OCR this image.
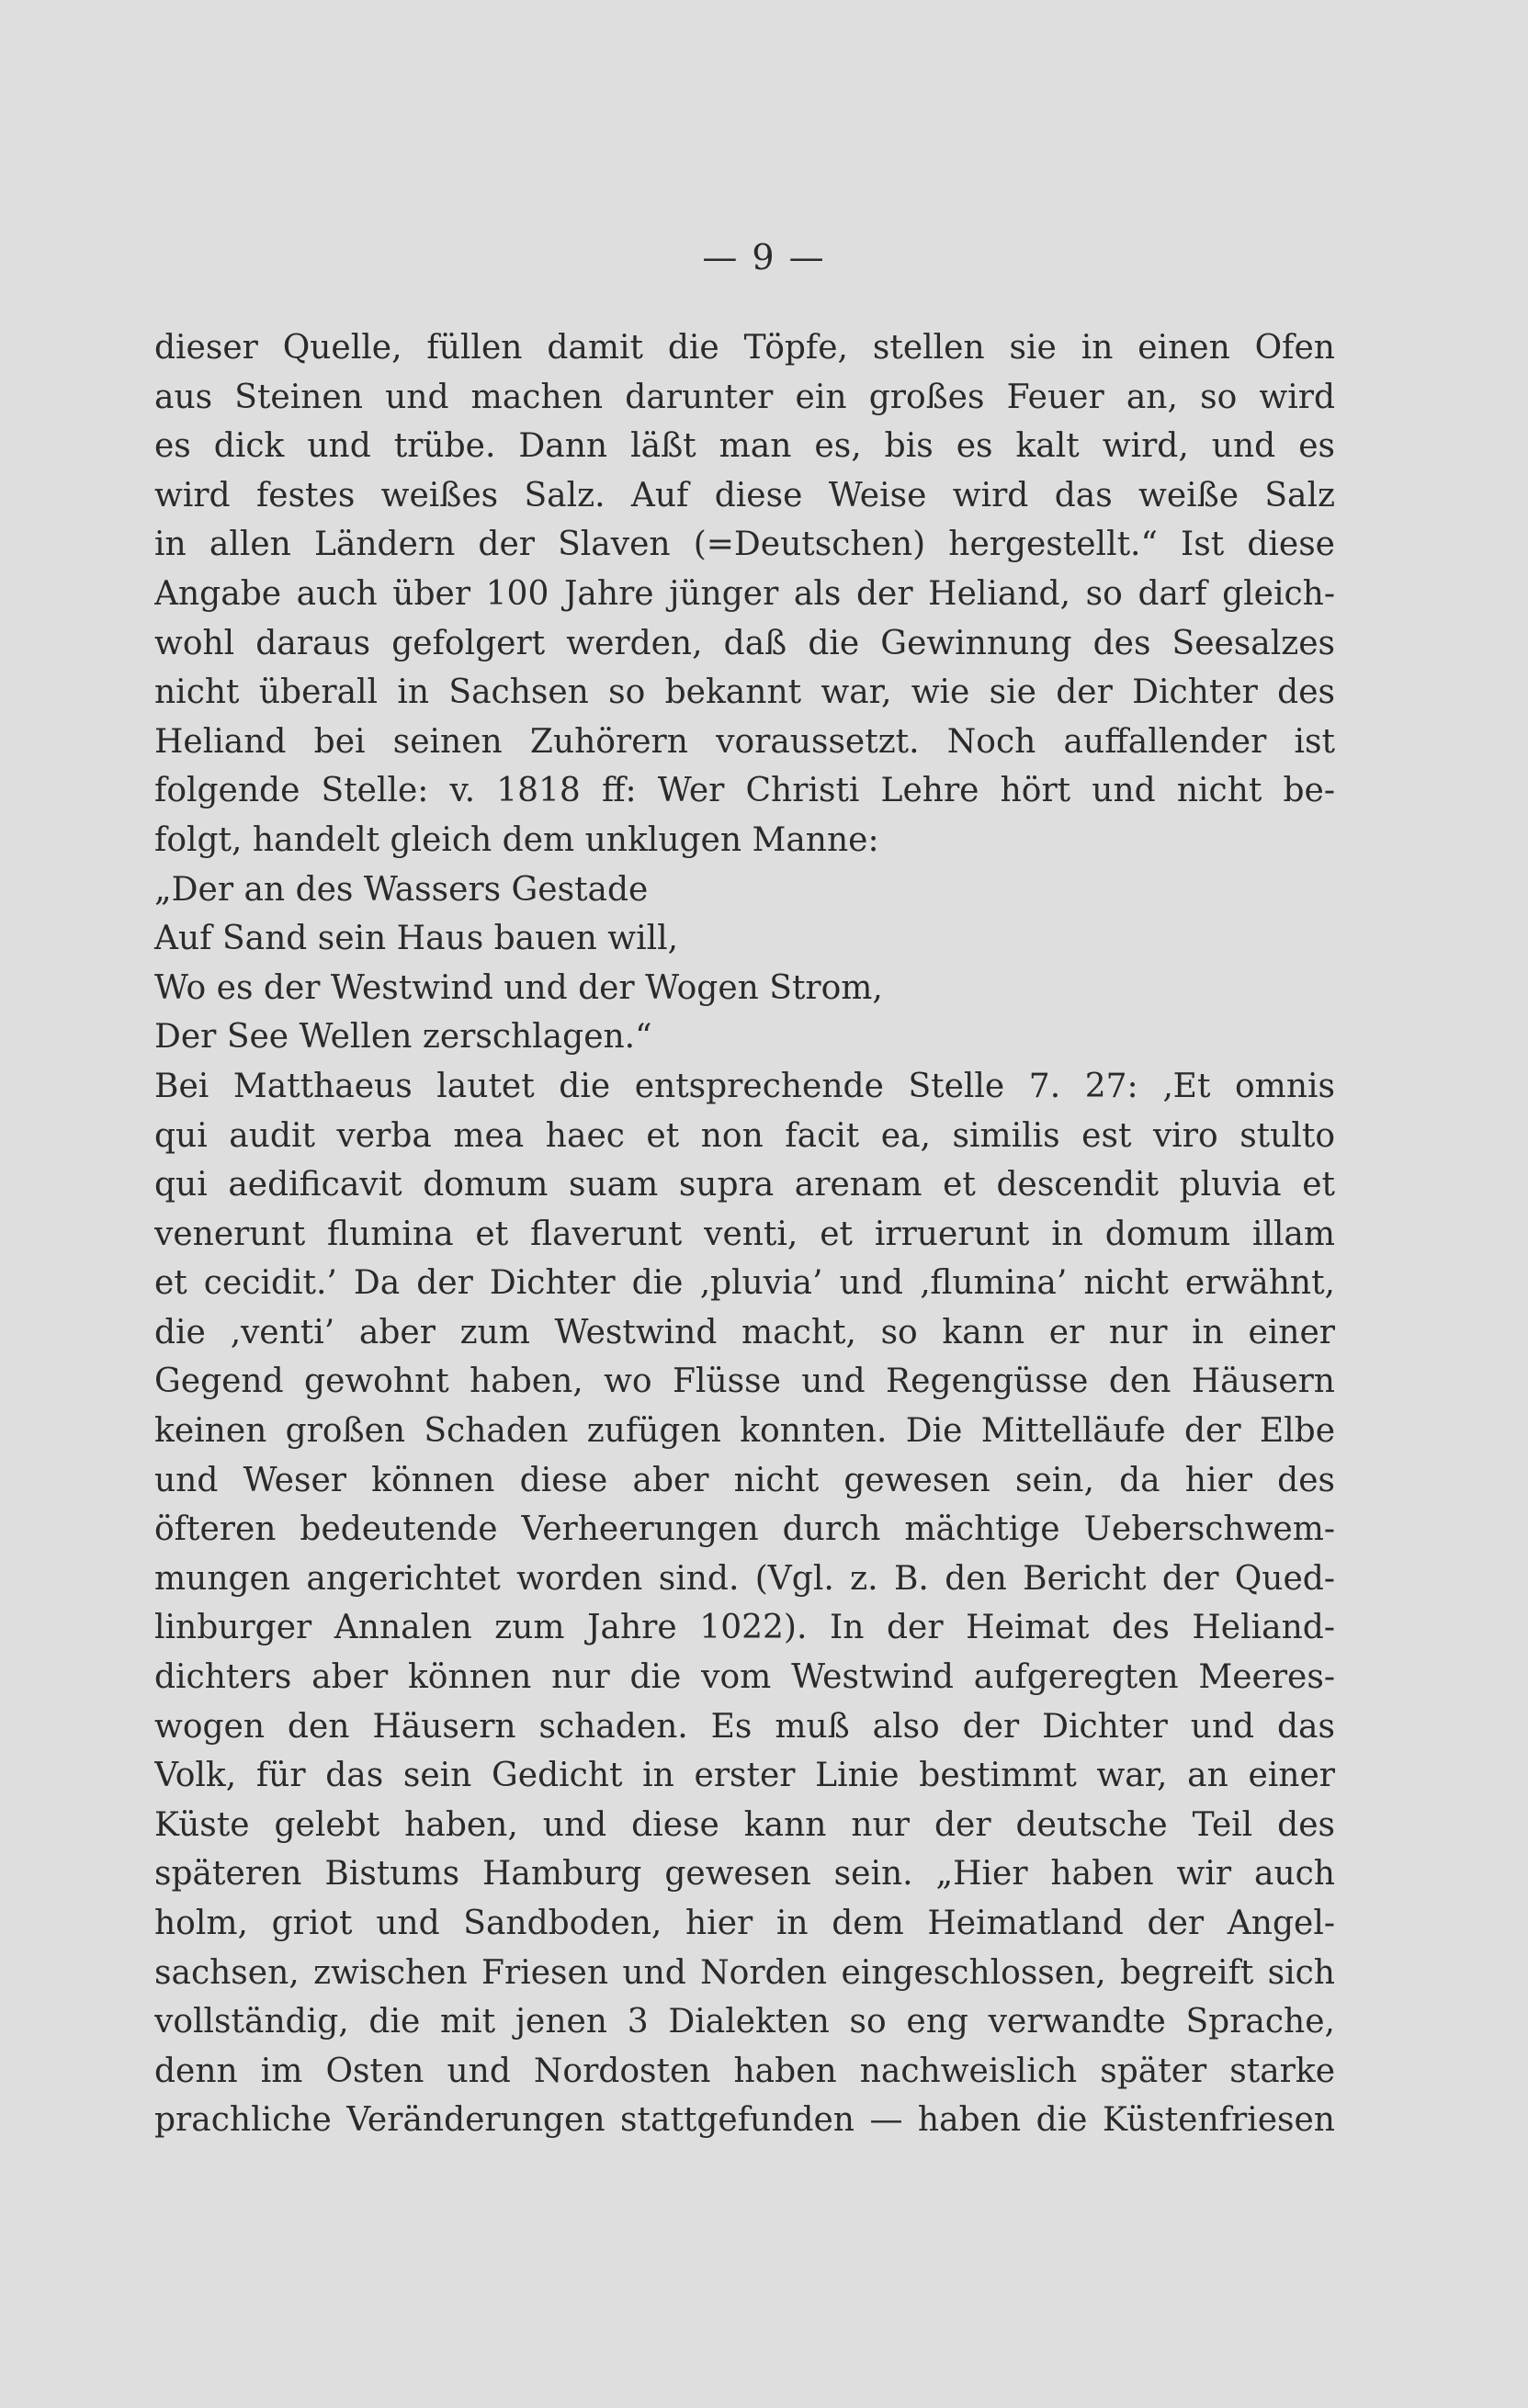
— 9 —
dieser Quelle, füllen damit die Töpfe, stellen sie in einen Ofen
aus Steinen und machen darunter ein großes Feuer an, so wird
es dick und trübe. Dann läßt man es, bis es kalt wird, und es
wird festes weißes Salz. Auf diese Weise wird das weiße Salz
in allen Ländern der Slaven (=Deutschen) hergestellt.“ Ist diese
Angabe auch über 100 Jahre jünger als der Heliand, so darf gleich-
wohl daraus gefolgert werden, daß die Gewinnung des Seesalzes
nicht überall in Sachsen so bekannt war, wie sie der Dichter des
Heliand bei seinen Zuhörern voraussetzt. Noch auffallender ist
folgende Stelle: v. 1818 ff: Wer Christi Lehre hört und nicht be-
folgt, handelt gleich dem unklugen Manne:
„Der an des Wassers Gestade
Auf Sand sein Haus bauen will,
Wo es der Westwind und der Wogen Strom,
Der See Wellen zerschlagen.“
Bei Matthaeus lautet die entsprechende Stelle 7. 27: ‚Et omnis
qui audit verba mea haec et non facit ea, similis est viro stulto
qui aedificavit domum suam supra arenam et descendit pluvia et
venerunt flumina et flaverunt venti, et irruerunt in domum illam
et cecidit.’ Da der Dichter die ‚pluvia’ und ‚flumina’ nicht erwähnt,
die ‚venti’ aber zum Westwind macht, so kann er nur in einer
Gegend gewohnt haben, wo Flüsse und Regengüsse den Häusern
keinen großen Schaden zufügen konnten. Die Mittelläufe der Elbe
und Weser können diese aber nicht gewesen sein, da hier des
öfteren bedeutende Verheerungen durch mächtige Ueberschwem-
mungen angerichtet worden sind. (Vgl. z. B. den Bericht der Qued-
linburger Annalen zum Jahre 1022). In der Heimat des Heliand-
dichters aber können nur die vom Westwind aufgeregten Meeres-
wogen den Häusern schaden. Es muß also der Dichter und das
Volk, für das sein Gedicht in erster Linie bestimmt war, an einer
Küste gelebt haben, und diese kann nur der deutsche Teil des
späteren Bistums Hamburg gewesen sein. „Hier haben wir auch
holm, griot und Sandboden, hier in dem Heimatland der Angel-
sachsen, zwischen Friesen und Norden eingeschlossen, begreift sich
vollständig, die mit jenen 3 Dialekten so eng verwandte Sprache,
denn im Osten und Nordosten haben nachweislich später starke
prachliche Veränderungen stattgefunden — haben die Küstenfriesen
